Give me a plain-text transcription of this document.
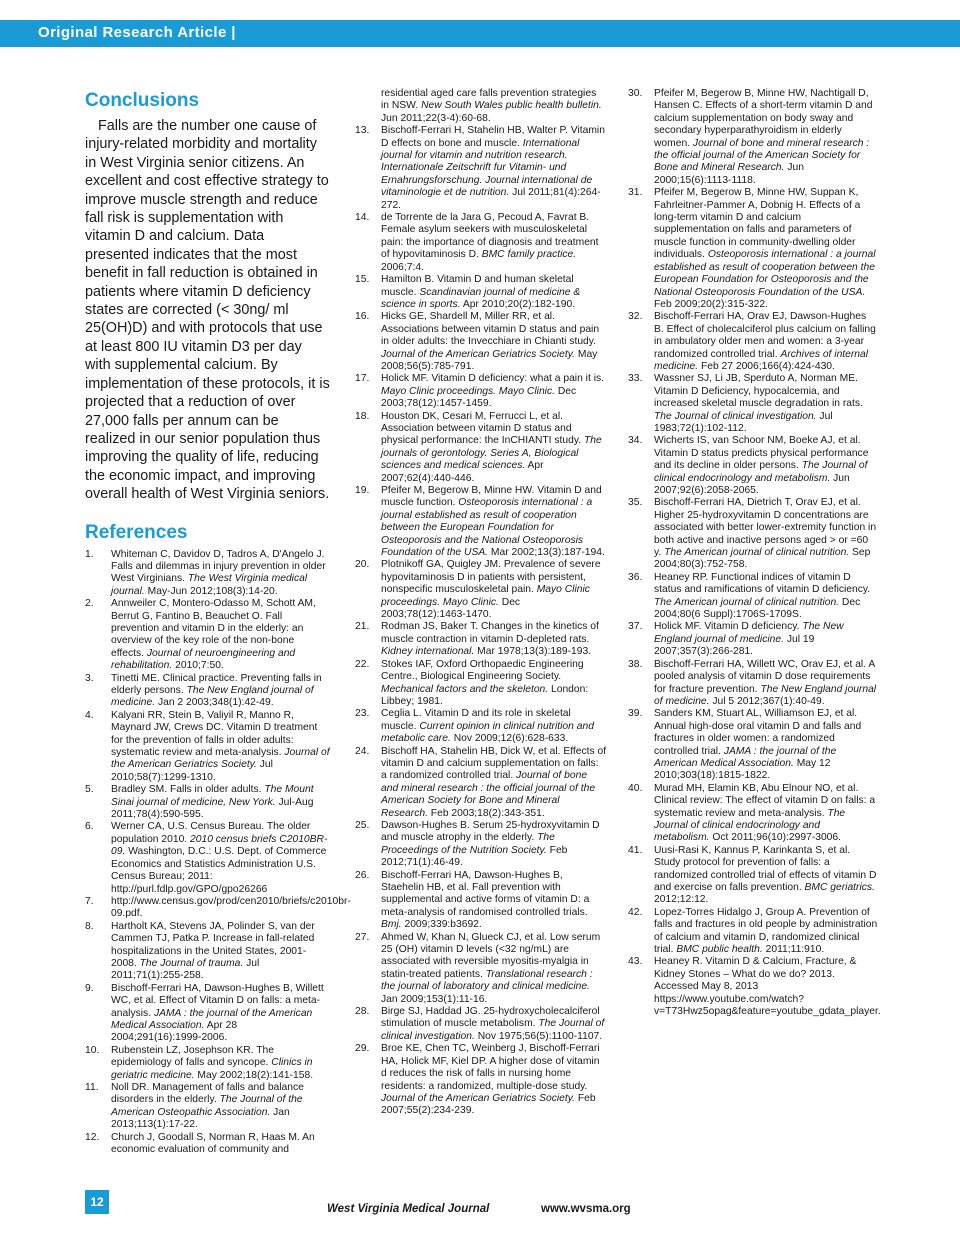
Original Research Article |
Conclusions

Falls are the number one cause of injury-related morbidity and mortality in West Virginia senior citizens. An excellent and cost effective strategy to improve muscle strength and reduce fall risk is supplementation with vitamin D and calcium. Data presented indicates that the most benefit in fall reduction is obtained in patients where vitamin D deficiency states are corrected (< 30ng/ ml 25(OH)D) and with protocols that use at least 800 IU vitamin D3 per day with supplemental calcium. By implementation of these protocols, it is projected that a reduction of over 27,000 falls per annum can be realized in our senior population thus improving the quality of life, reducing the economic impact, and improving overall health of West Virginia seniors.

References
1.	Whiteman C, Davidov D, Tadros A, D'Angelo J. Falls and dilemmas in injury prevention in older West Virginians. The West Virginia medical journal. May-Jun 2012;108(3):14-20.
2.	Annweiler C, Montero-Odasso M, Schott AM, Berrut G, Fantino B, Beauchet O. Fall prevention and vitamin D in the elderly: an overview of the key role of the non-bone effects. Journal of neuroengineering and rehabilitation. 2010;7:50.
3.	Tinetti ME. Clinical practice. Preventing falls in elderly persons. The New England journal of medicine. Jan 2 2003;348(1):42-49.
4.	Kalyani RR, Stein B, Valiyil R, Manno R, Maynard JW, Crews DC. Vitamin D treatment for the prevention of falls in older adults: systematic review and meta-analysis. Journal of the American Geriatrics Society. Jul 2010;58(7):1299-1310.
5.	Bradley SM. Falls in older adults. The Mount Sinai journal of medicine, New York. Jul-Aug 2011;78(4):590-595.
6.	Werner CA, U.S. Census Bureau. The older population 2010. 2010 census briefs C2010BR-09. Washington, D.C.: U.S. Dept. of Commerce Economics and Statistics Administration U.S. Census Bureau; 2011: http://purl.fdlp.gov/GPO/gpo26266
7.	http://www.census.gov/prod/cen2010/briefs/c2010br-09.pdf.
8.	Hartholt KA, Stevens JA, Polinder S, van der Cammen TJ, Patka P. Increase in fall-related hospitalizations in the United States, 2001-2008. The Journal of trauma. Jul 2011;71(1):255-258.
9.	Bischoff-Ferrari HA, Dawson-Hughes B, Willett WC, et al. Effect of Vitamin D on falls: a meta-analysis. JAMA : the journal of the American Medical Association. Apr 28 2004;291(16):1999-2006.
10.	Rubenstein LZ, Josephson KR. The epidemiology of falls and syncope. Clinics in geriatric medicine. May 2002;18(2):141-158.
11.	Noll DR. Management of falls and balance disorders in the elderly. The Journal of the American Osteopathic Association. Jan 2013;113(1):17-22.
12.	Church J, Goodall S, Norman R, Haas M. An economic evaluation of community and
residential aged care falls prevention strategies in NSW. New South Wales public health bulletin. Jun 2011;22(3-4):60-68.
13.	Bischoff-Ferrari H, Stahelin HB, Walter P. Vitamin D effects on bone and muscle. International journal for vitamin and nutrition research. Internationale Zeitschrift fur Vitamin- und Ernahrungsforschung. Journal international de vitaminologie et de nutrition. Jul 2011;81(4):264-272.
14.	de Torrente de la Jara G, Pecoud A, Favrat B. Female asylum seekers with musculoskeletal pain: the importance of diagnosis and treatment of hypovitaminosis D. BMC family practice. 2006;7:4.
15.	Hamilton B. Vitamin D and human skeletal muscle. Scandinavian journal of medicine & science in sports. Apr 2010;20(2):182-190.
16.	Hicks GE, Shardell M, Miller RR, et al. Associations between vitamin D status and pain in older adults: the Invecchiare in Chianti study. Journal of the American Geriatrics Society. May 2008;56(5):785-791.
17.	Holick MF. Vitamin D deficiency: what a pain it is. Mayo Clinic proceedings. Mayo Clinic. Dec 2003;78(12):1457-1459.
18.	Houston DK, Cesari M, Ferrucci L, et al. Association between vitamin D status and physical performance: the InCHIANTI study. The journals of gerontology. Series A, Biological sciences and medical sciences. Apr 2007;62(4):440-446.
19.	Pfeifer M, Begerow B, Minne HW. Vitamin D and muscle function. Osteoporosis international : a journal established as result of cooperation between the European Foundation for Osteoporosis and the National Osteoporosis Foundation of the USA. Mar 2002;13(3):187-194.
20.	Plotnikoff GA, Quigley JM. Prevalence of severe hypovitaminosis D in patients with persistent, nonspecific musculoskeletal pain. Mayo Clinic proceedings. Mayo Clinic. Dec 2003;78(12):1463-1470.
21.	Rodman JS, Baker T. Changes in the kinetics of muscle contraction in vitamin D-depleted rats. Kidney international. Mar 1978;13(3):189-193.
22.	Stokes IAF, Oxford Orthopaedic Engineering Centre., Biological Engineering Society. Mechanical factors and the skeleton. London: Libbey; 1981.
23.	Ceglia L. Vitamin D and its role in skeletal muscle. Current opinion in clinical nutrition and metabolic care. Nov 2009;12(6):628-633.
24.	Bischoff HA, Stahelin HB, Dick W, et al. Effects of vitamin D and calcium supplementation on falls: a randomized controlled trial. Journal of bone and mineral research : the official journal of the American Society for Bone and Mineral Research. Feb 2003;18(2):343-351.
25.	Dawson-Hughes B. Serum 25-hydroxyvitamin D and muscle atrophy in the elderly. The Proceedings of the Nutrition Society. Feb 2012;71(1):46-49.
26.	Bischoff-Ferrari HA, Dawson-Hughes B, Staehelin HB, et al. Fall prevention with supplemental and active forms of vitamin D: a meta-analysis of randomised controlled trials. Bmj. 2009;339:b3692.
27.	Ahmed W, Khan N, Glueck CJ, et al. Low serum 25 (OH) vitamin D levels (<32 ng/mL) are associated with reversible myositis-myalgia in statin-treated patients. Translational research : the journal of laboratory and clinical medicine. Jan 2009;153(1):11-16.
28.	Birge SJ, Haddad JG. 25-hydroxycholecalciferol stimulation of muscle metabolism. The Journal of clinical investigation. Nov 1975;56(5):1100-1107.
29.	Broe KE, Chen TC, Weinberg J, Bischoff-Ferrari HA, Holick MF, Kiel DP. A higher dose of vitamin d reduces the risk of falls in nursing home residents: a randomized, multiple-dose study. Journal of the American Geriatrics Society. Feb 2007;55(2):234-239.
30.	Pfeifer M, Begerow B, Minne HW, Nachtigall D, Hansen C. Effects of a short-term vitamin D and calcium supplementation on body sway and secondary hyperparathyroidism in elderly women. Journal of bone and mineral research : the official journal of the American Society for Bone and Mineral Research. Jun 2000;15(6):1113-1118.
31.	Pfeifer M, Begerow B, Minne HW, Suppan K, Fahrleitner-Pammer A, Dobnig H. Effects of a long-term vitamin D and calcium supplementation on falls and parameters of muscle function in community-dwelling older individuals. Osteoporosis international : a journal established as result of cooperation between the European Foundation for Osteoporosis and the National Osteoporosis Foundation of the USA. Feb 2009;20(2):315-322.
32.	Bischoff-Ferrari HA, Orav EJ, Dawson-Hughes B. Effect of cholecalciferol plus calcium on falling in ambulatory older men and women: a 3-year randomized controlled trial. Archives of internal medicine. Feb 27 2006;166(4):424-430.
33.	Wassner SJ, Li JB, Sperduto A, Norman ME. Vitamin D Deficiency, hypocalcemia, and increased skeletal muscle degradation in rats. The Journal of clinical investigation. Jul 1983;72(1):102-112.
34.	Wicherts IS, van Schoor NM, Boeke AJ, et al. Vitamin D status predicts physical performance and its decline in older persons. The Journal of clinical endocrinology and metabolism. Jun 2007;92(6):2058-2065.
35.	Bischoff-Ferrari HA, Dietrich T, Orav EJ, et al. Higher 25-hydroxyvitamin D concentrations are associated with better lower-extremity function in both active and inactive persons aged > or =60 y. The American journal of clinical nutrition. Sep 2004;80(3):752-758.
36.	Heaney RP. Functional indices of vitamin D status and ramifications of vitamin D deficiency. The American journal of clinical nutrition. Dec 2004;80(6 Suppl):1706S-1709S.
37.	Holick MF. Vitamin D deficiency. The New England journal of medicine. Jul 19 2007;357(3):266-281.
38.	Bischoff-Ferrari HA, Willett WC, Orav EJ, et al. A pooled analysis of vitamin D dose requirements for fracture prevention. The New England journal of medicine. Jul 5 2012;367(1):40-49.
39.	Sanders KM, Stuart AL, Williamson EJ, et al. Annual high-dose oral vitamin D and falls and fractures in older women: a randomized controlled trial. JAMA : the journal of the American Medical Association. May 12 2010;303(18):1815-1822.
40.	Murad MH, Elamin KB, Abu Elnour NO, et al. Clinical review: The effect of vitamin D on falls: a systematic review and meta-analysis. The Journal of clinical endocrinology and metabolism. Oct 2011;96(10):2997-3006.
41.	Uusi-Rasi K, Kannus P, Karinkanta S, et al. Study protocol for prevention of falls: a randomized controlled trial of effects of vitamin D and exercise on falls prevention. BMC geriatrics. 2012;12:12.
42.	Lopez-Torres Hidalgo J, Group A. Prevention of falls and fractures in old people by administration of calcium and vitamin D, randomized clinical trial. BMC public health. 2011;11:910.
43.	Heaney R. Vitamin D & Calcium, Fracture, & Kidney Stones – What do we do? 2013. Accessed May 8, 2013 https://www.youtube.com/watch?v=T73Hwz5opag&feature=youtube_gdata_player.
12	West Virginia Medical Journal	www.wvsma.org
